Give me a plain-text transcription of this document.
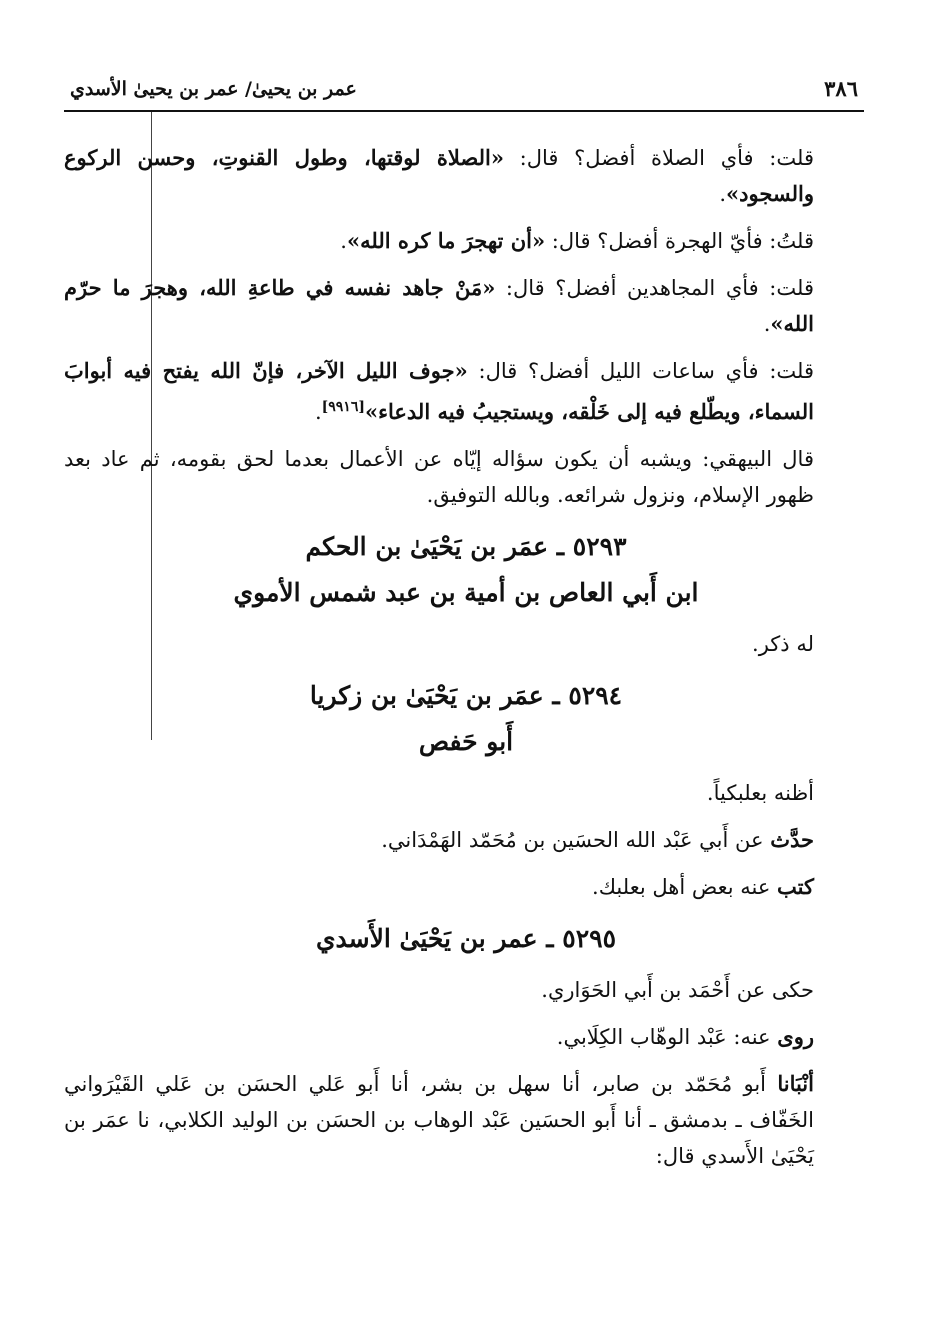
٣٨٦
عمر بن يحيىٰ/ عمر بن يحيىٰ الأسدي

قلت: فأي الصلاة أفضل؟ قال: «الصلاة لوقتها، وطول القنوتِ، وحسن الركوع والسجود».

قلتُ: فأيّ الهجرة أفضل؟ قال: «أن تهجرَ ما كره الله».

قلت: فأي المجاهدين أفضل؟ قال: «مَنْ جاهد نفسه في طاعةِ الله، وهجرَ ما حرّم الله».

قلت: فأي ساعات الليل أفضل؟ قال: «جوف الليل الآخر، فإنّ الله يفتح فيه أبوابَ السماء، ويطّلع فيه إلى خَلْقه، ويستجيبُ فيه الدعاء»[٩٩١٦].

قال البيهقي: ويشبه أن يكون سؤاله إيّاه عن الأعمال بعدما لحق بقومه، ثم عاد بعد ظهور الإسلام، ونزول شرائعه. وبالله التوفيق.

٥٢٩٣ ـ عمَر بن يَحْيَىٰ بن الحكم
ابن أَبي العاص بن أمية بن عبد شمس الأموي

له ذكر.

٥٢٩٤ ـ عمَر بن يَحْيَىٰ بن زكريا
أَبو حَفص

أظنه بعلبكياً.

حدَّث عن أَبي عَبْد الله الحسَين بن مُحَمّد الهَمْدَاني.

كتب عنه بعض أهل بعلبك.

٥٢٩٥ ـ عمر بن يَحْيَىٰ الأَسدي

حكى عن أَحْمَد بن أَبي الحَوَاري.

روى عنه: عَبْد الوهّاب الكِلَابي.

أنْبَانا أَبو مُحَمّد بن صابر، أنا سهل بن بشر، أنا أَبو عَلي الحسَن بن عَلي القَيْرَواني الخَفّاف ـ بدمشق ـ أنا أَبو الحسَين عَبْد الوهاب بن الحسَن بن الوليد الكلابي، نا عمَر بن يَحْيَىٰ الأَسدي قال:
